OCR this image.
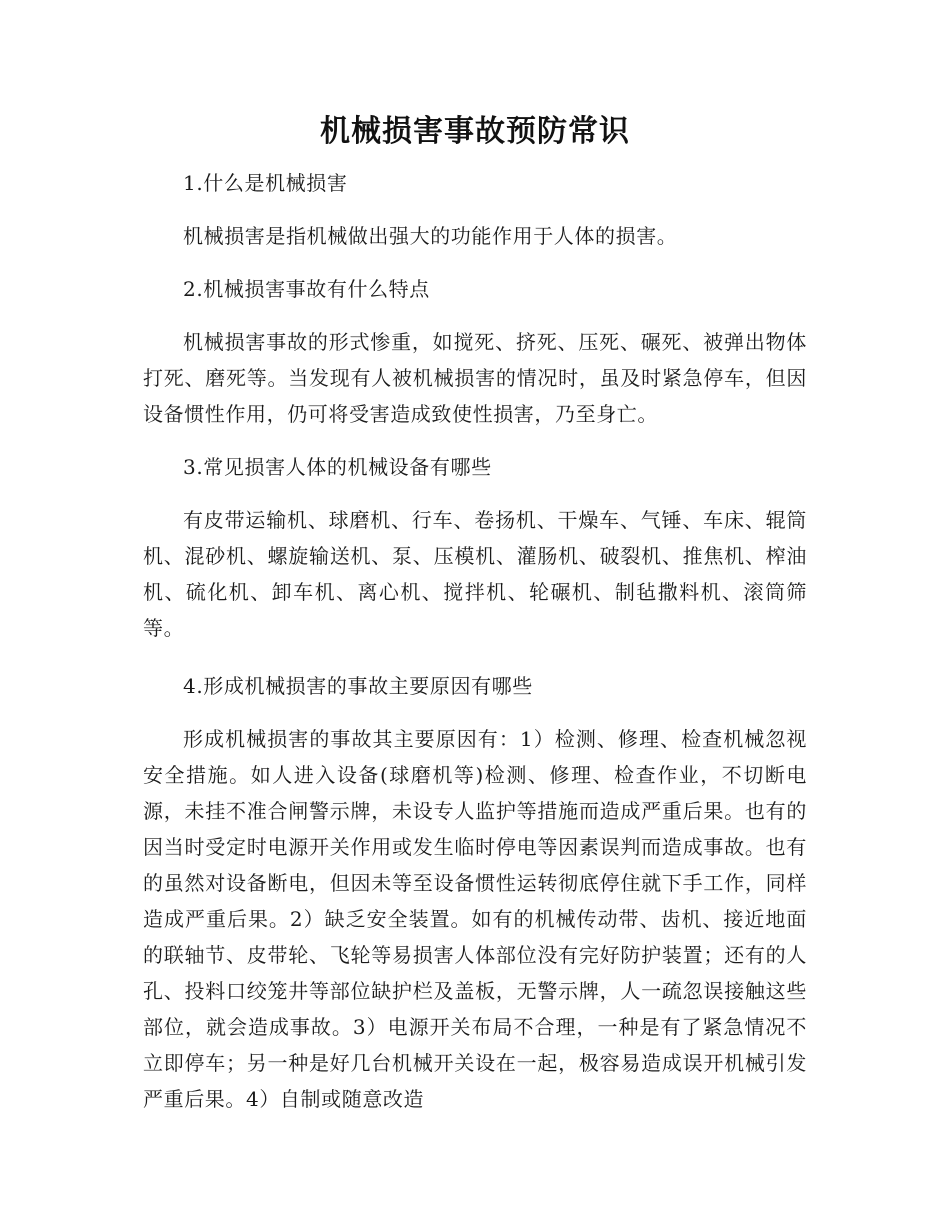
机械损害事故预防常识

1.什么是机械损害

机械损害是指机械做出强大的功能作用于人体的损害。

2.机械损害事故有什么特点

机械损害事故的形式惨重，如搅死、挤死、压死、碾死、被弹出物体打死、磨死等。当发现有人被机械损害的情况时，虽及时紧急停车，但因设备惯性作用，仍可将受害造成致使性损害，乃至身亡。

3.常见损害人体的机械设备有哪些

有皮带运输机、球磨机、行车、卷扬机、干燥车、气锤、车床、辊筒机、混砂机、螺旋输送机、泵、压模机、灌肠机、破裂机、推焦机、榨油机、硫化机、卸车机、离心机、搅拌机、轮碾机、制毡撒料机、滚筒筛等。

4.形成机械损害的事故主要原因有哪些

形成机械损害的事故其主要原因有：1）检测、修理、检查机械忽视安全措施。如人进入设备(球磨机等)检测、修理、检查作业，不切断电源，未挂不准合闸警示牌，未设专人监护等措施而造成严重后果。也有的因当时受定时电源开关作用或发生临时停电等因素误判而造成事故。也有的虽然对设备断电，但因未等至设备惯性运转彻底停住就下手工作，同样造成严重后果。2）缺乏安全装置。如有的机械传动带、齿机、接近地面的联轴节、皮带轮、飞轮等易损害人体部位没有完好防护装置；还有的人孔、投料口绞笼井等部位缺护栏及盖板，无警示牌，人一疏忽误接触这些部位，就会造成事故。3）电源开关布局不合理，一种是有了紧急情况不立即停车；另一种是好几台机械开关设在一起，极容易造成误开机械引发严重后果。4）自制或随意改造
